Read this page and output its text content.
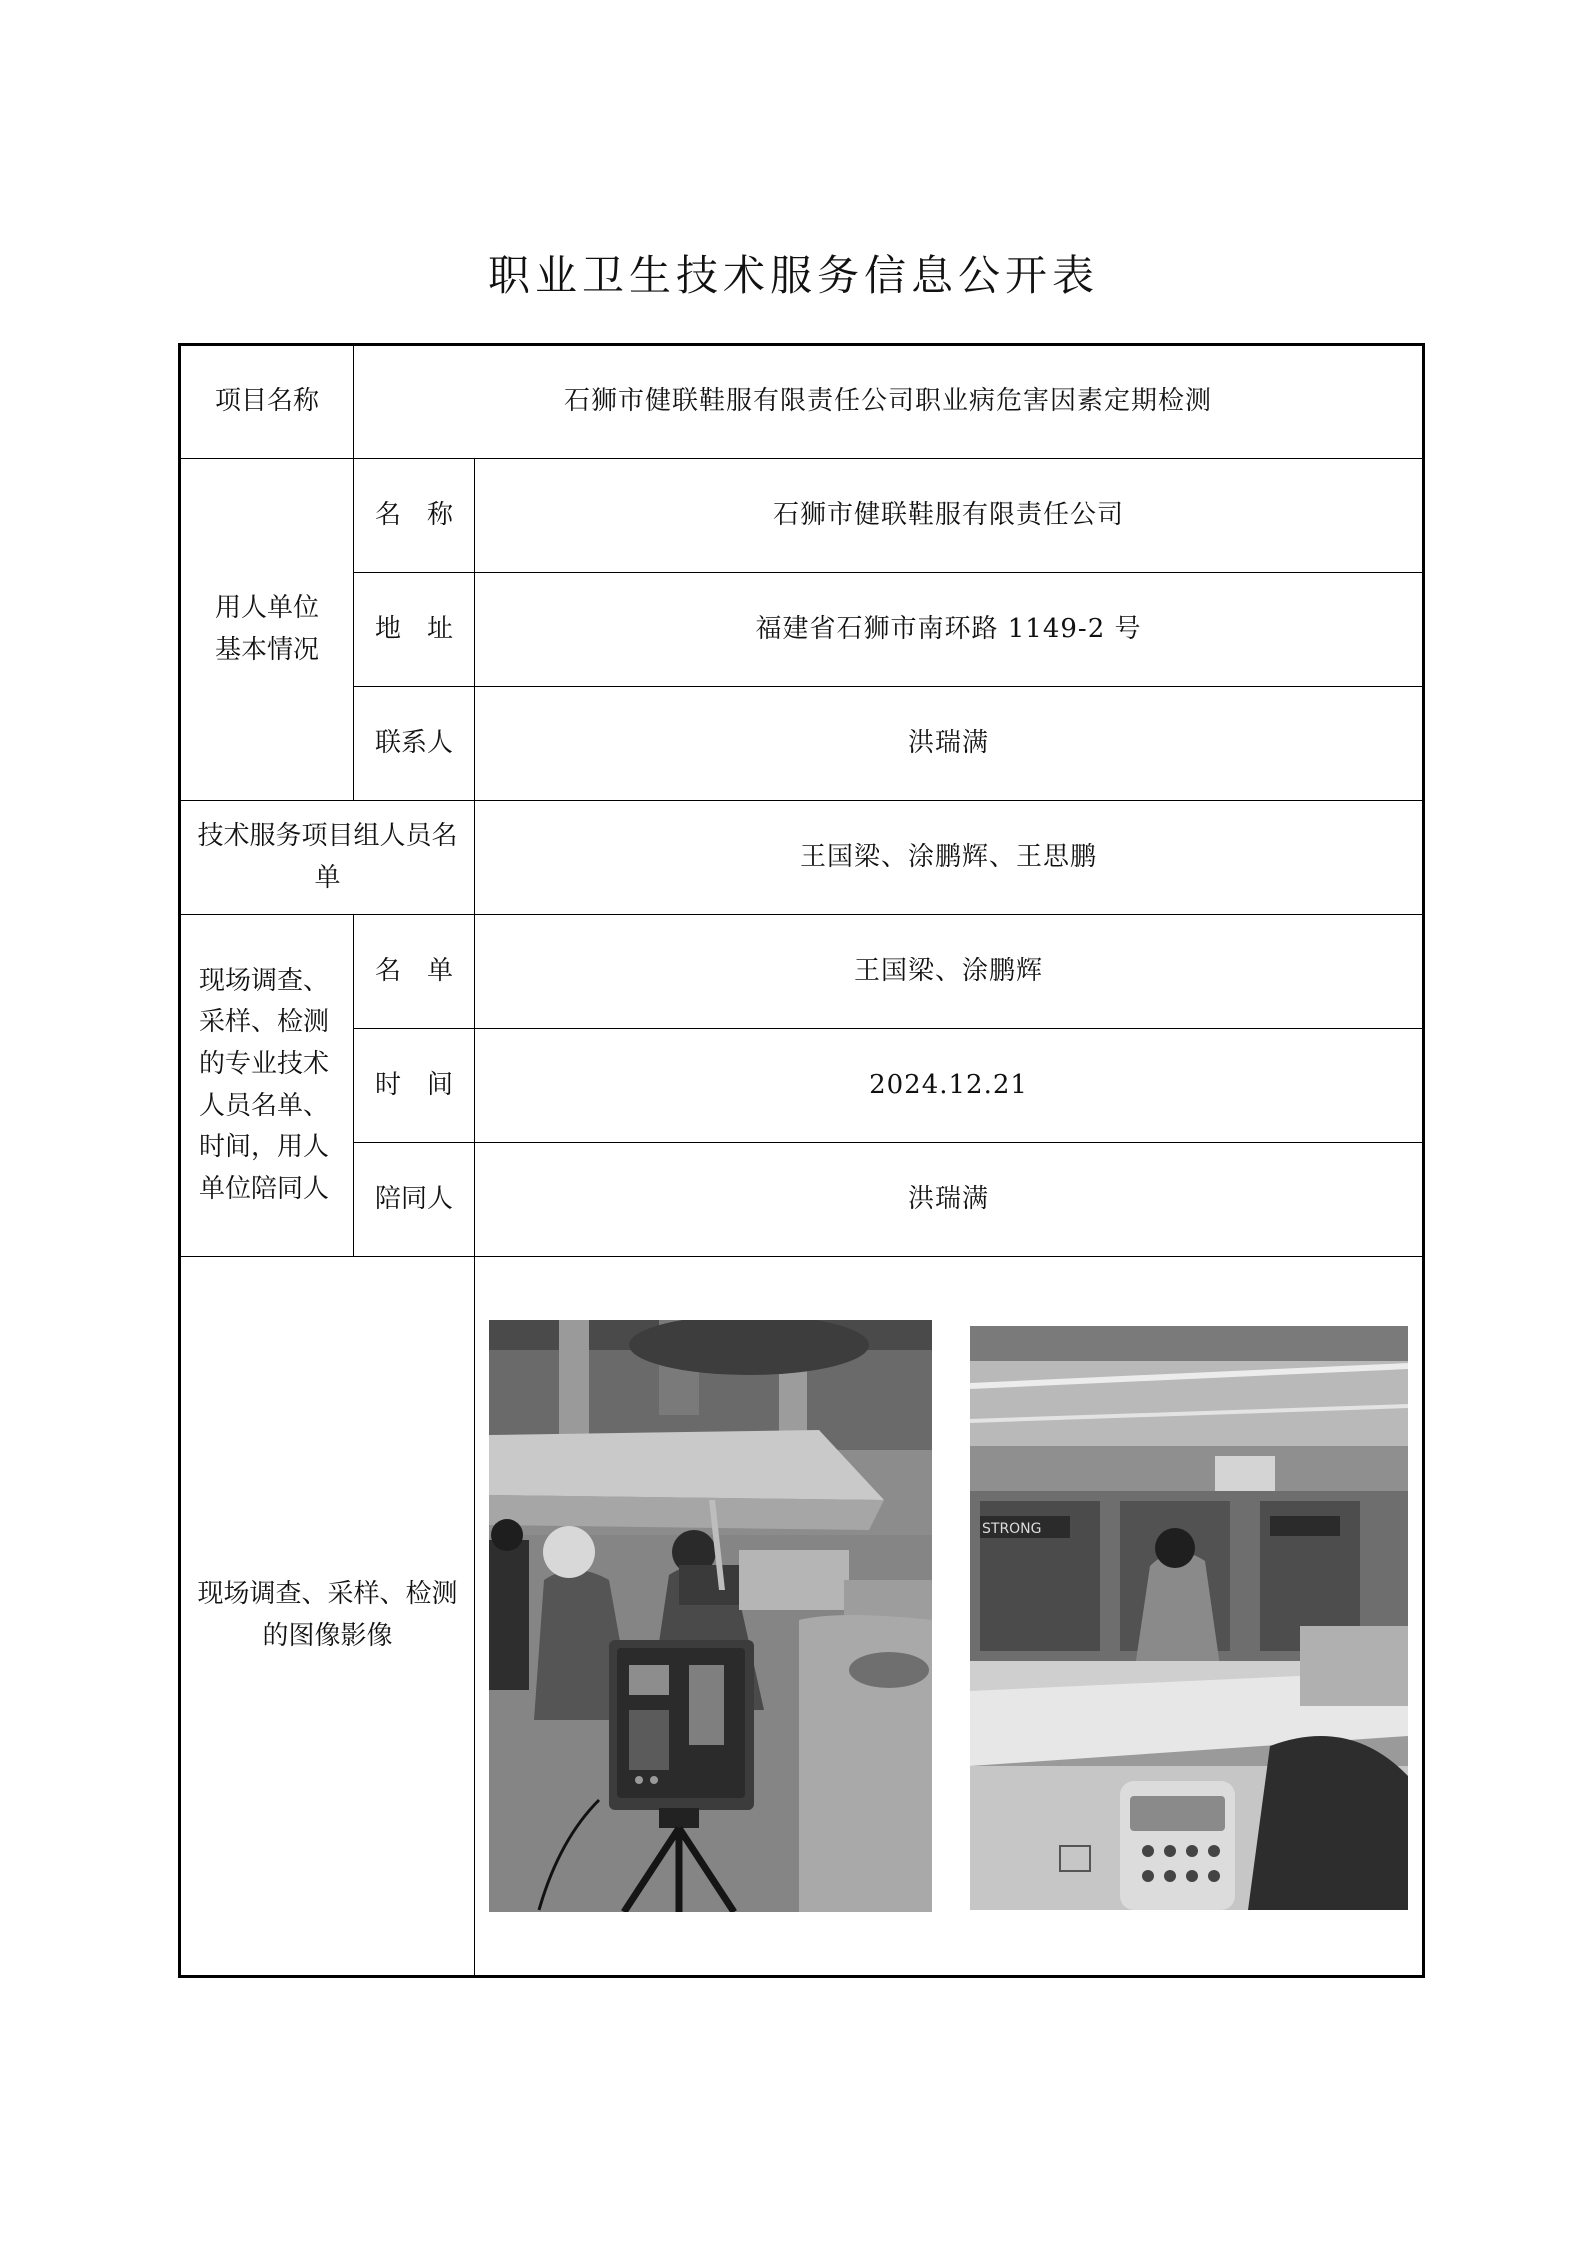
职业卫生技术服务信息公开表
项目名称	石狮市健联鞋服有限责任公司职业病危害因素定期检测	

用人单位基本情况	名　称	石狮市健联鞋服有限责任公司
	地　址	福建省石狮市南环路 1149-2 号
	联系人	洪瑞满

技术服务项目组人员名单		王国梁、涂鹏辉、王思鹏

现场调查、采样、检测的专业技术人员名单、时间，用人单位陪同人	名　单	王国梁、涂鹏辉
	时　间	2024.12.21
	陪同人	洪瑞满

现场调查、采样、检测的图像影像		STRONG
